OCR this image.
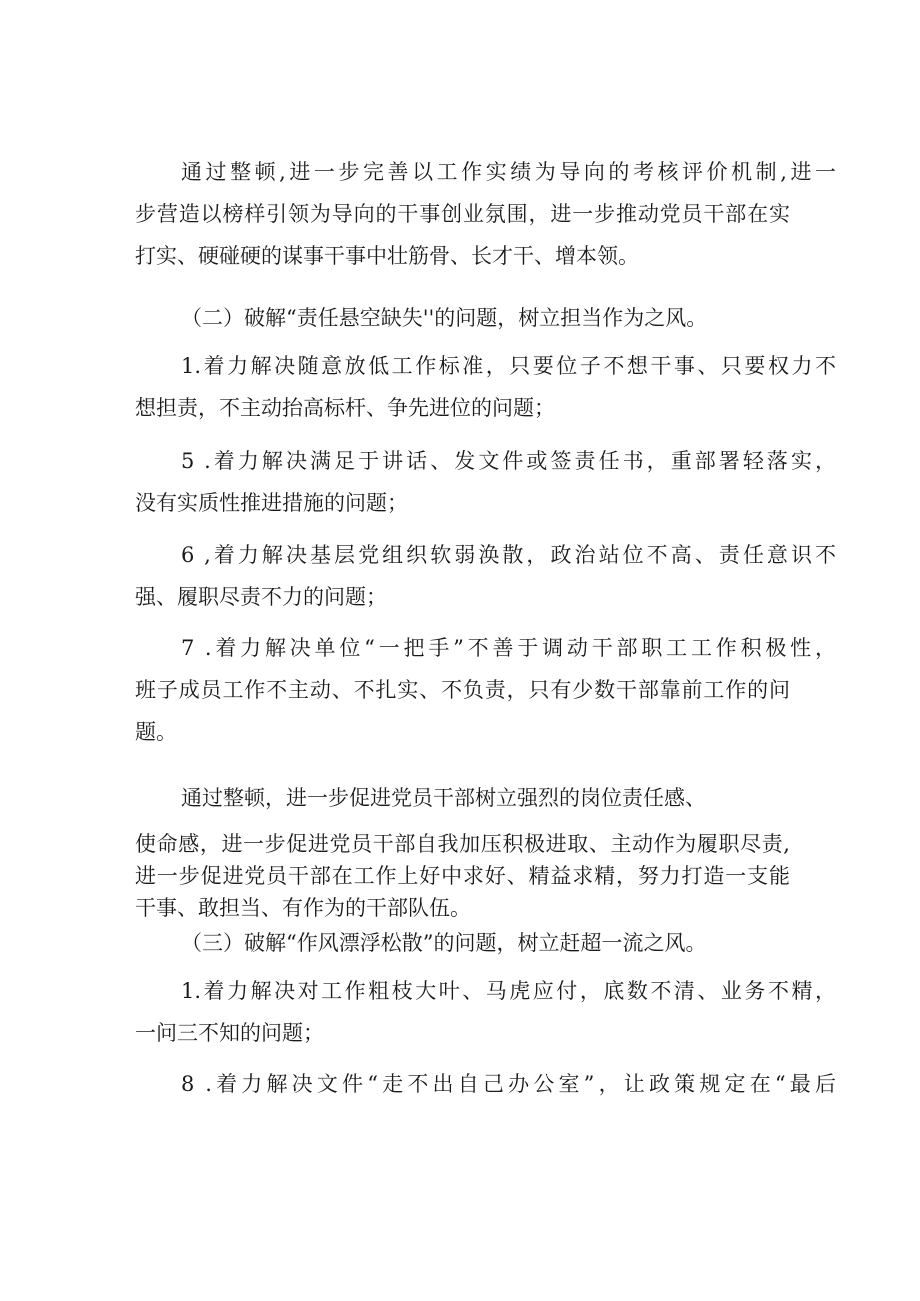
通过整顿,进一步完善以工作实绩为导向的考核评价机制,进一
步营造以榜样引领为导向的干事创业氛围，进一步推动党员干部在实
打实、硬碰硬的谋事干事中壮筋骨、长才干、增本领。
（二）破解“责任悬空缺失''的问题，树立担当作为之风。
1.着力解决随意放低工作标准，只要位子不想干事、只要权力不
想担责，不主动抬高标杆、争先进位的问题；
5 .着力解决满足于讲话、发文件或签责任书，重部署轻落实，
没有实质性推进措施的问题；
6 ,着力解决基层党组织软弱涣散，政治站位不高、责任意识不
强、履职尽责不力的问题；
7 .着力解决单位“一把手”不善于调动干部职工工作积极性，
班子成员工作不主动、不扎实、不负责，只有少数干部靠前工作的问
题。
通过整顿，进一步促进党员干部树立强烈的岗位责任感、
使命感，进一步促进党员干部自我加压积极进取、主动作为履职尽责,
进一步促进党员干部在工作上好中求好、精益求精，努力打造一支能
干事、敢担当、有作为的干部队伍。
（三）破解“作风漂浮松散”的问题，树立赶超一流之风。
1.着力解决对工作粗枝大叶、马虎应付，底数不清、业务不精，
一问三不知的问题；
8 .着力解决文件“走不出自己办公室”，让政策规定在“最后
